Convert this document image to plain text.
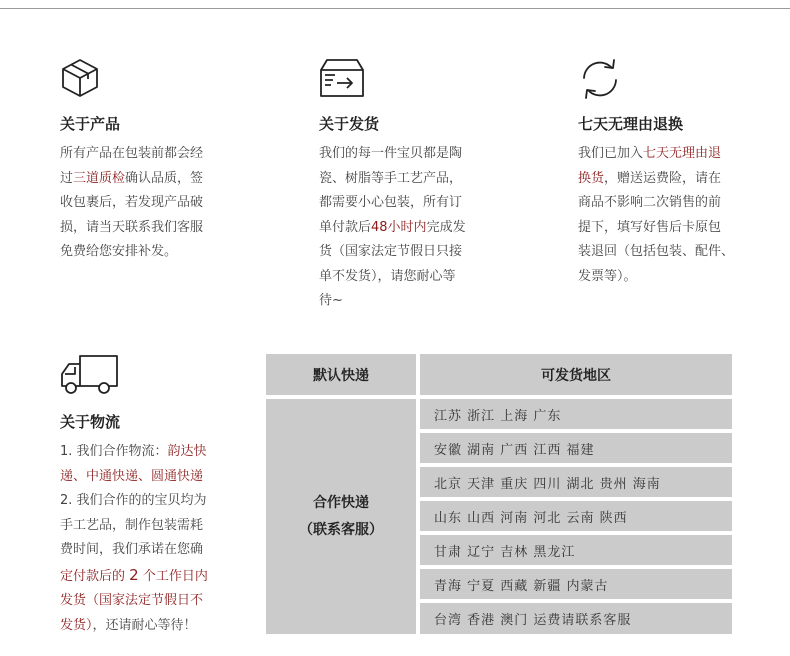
关于产品
所有产品在包装前都会经
过三道质检确认品质，签
收包裹后，若发现产品破
损，请当天联系我们客服
免费给您安排补发。
关于发货
我们的每一件宝贝都是陶
瓷、树脂等手工艺产品，
都需要小心包装，所有订
单付款后48小时内完成发
货（国家法定节假日只接
单不发货），请您耐心等
待~
七天无理由退换
我们已加入七天无理由退
换货，赠送运费险，请在
商品不影响二次销售的前
提下，填写好售后卡原包
装退回（包括包装、配件、
发票等）。
关于物流
1. 我们合作物流：韵达快
递、中通快递、圆通快递
2. 我们合作的的宝贝均为
手工艺品，制作包装需耗
费时间，我们承诺在您确
定付款后的 2 个工作日内
发货（国家法定节假日不
发货），还请耐心等待！
默认快递	可发货地区
合作快递
（联系客服）
江苏 浙江 上海 广东
安徽 湖南 广西 江西 福建
北京 天津 重庆 四川 湖北 贵州 海南
山东 山西 河南 河北 云南 陕西
甘肃 辽宁 吉林 黑龙江
青海 宁夏 西藏 新疆 内蒙古
台湾 香港 澳门 运费请联系客服
